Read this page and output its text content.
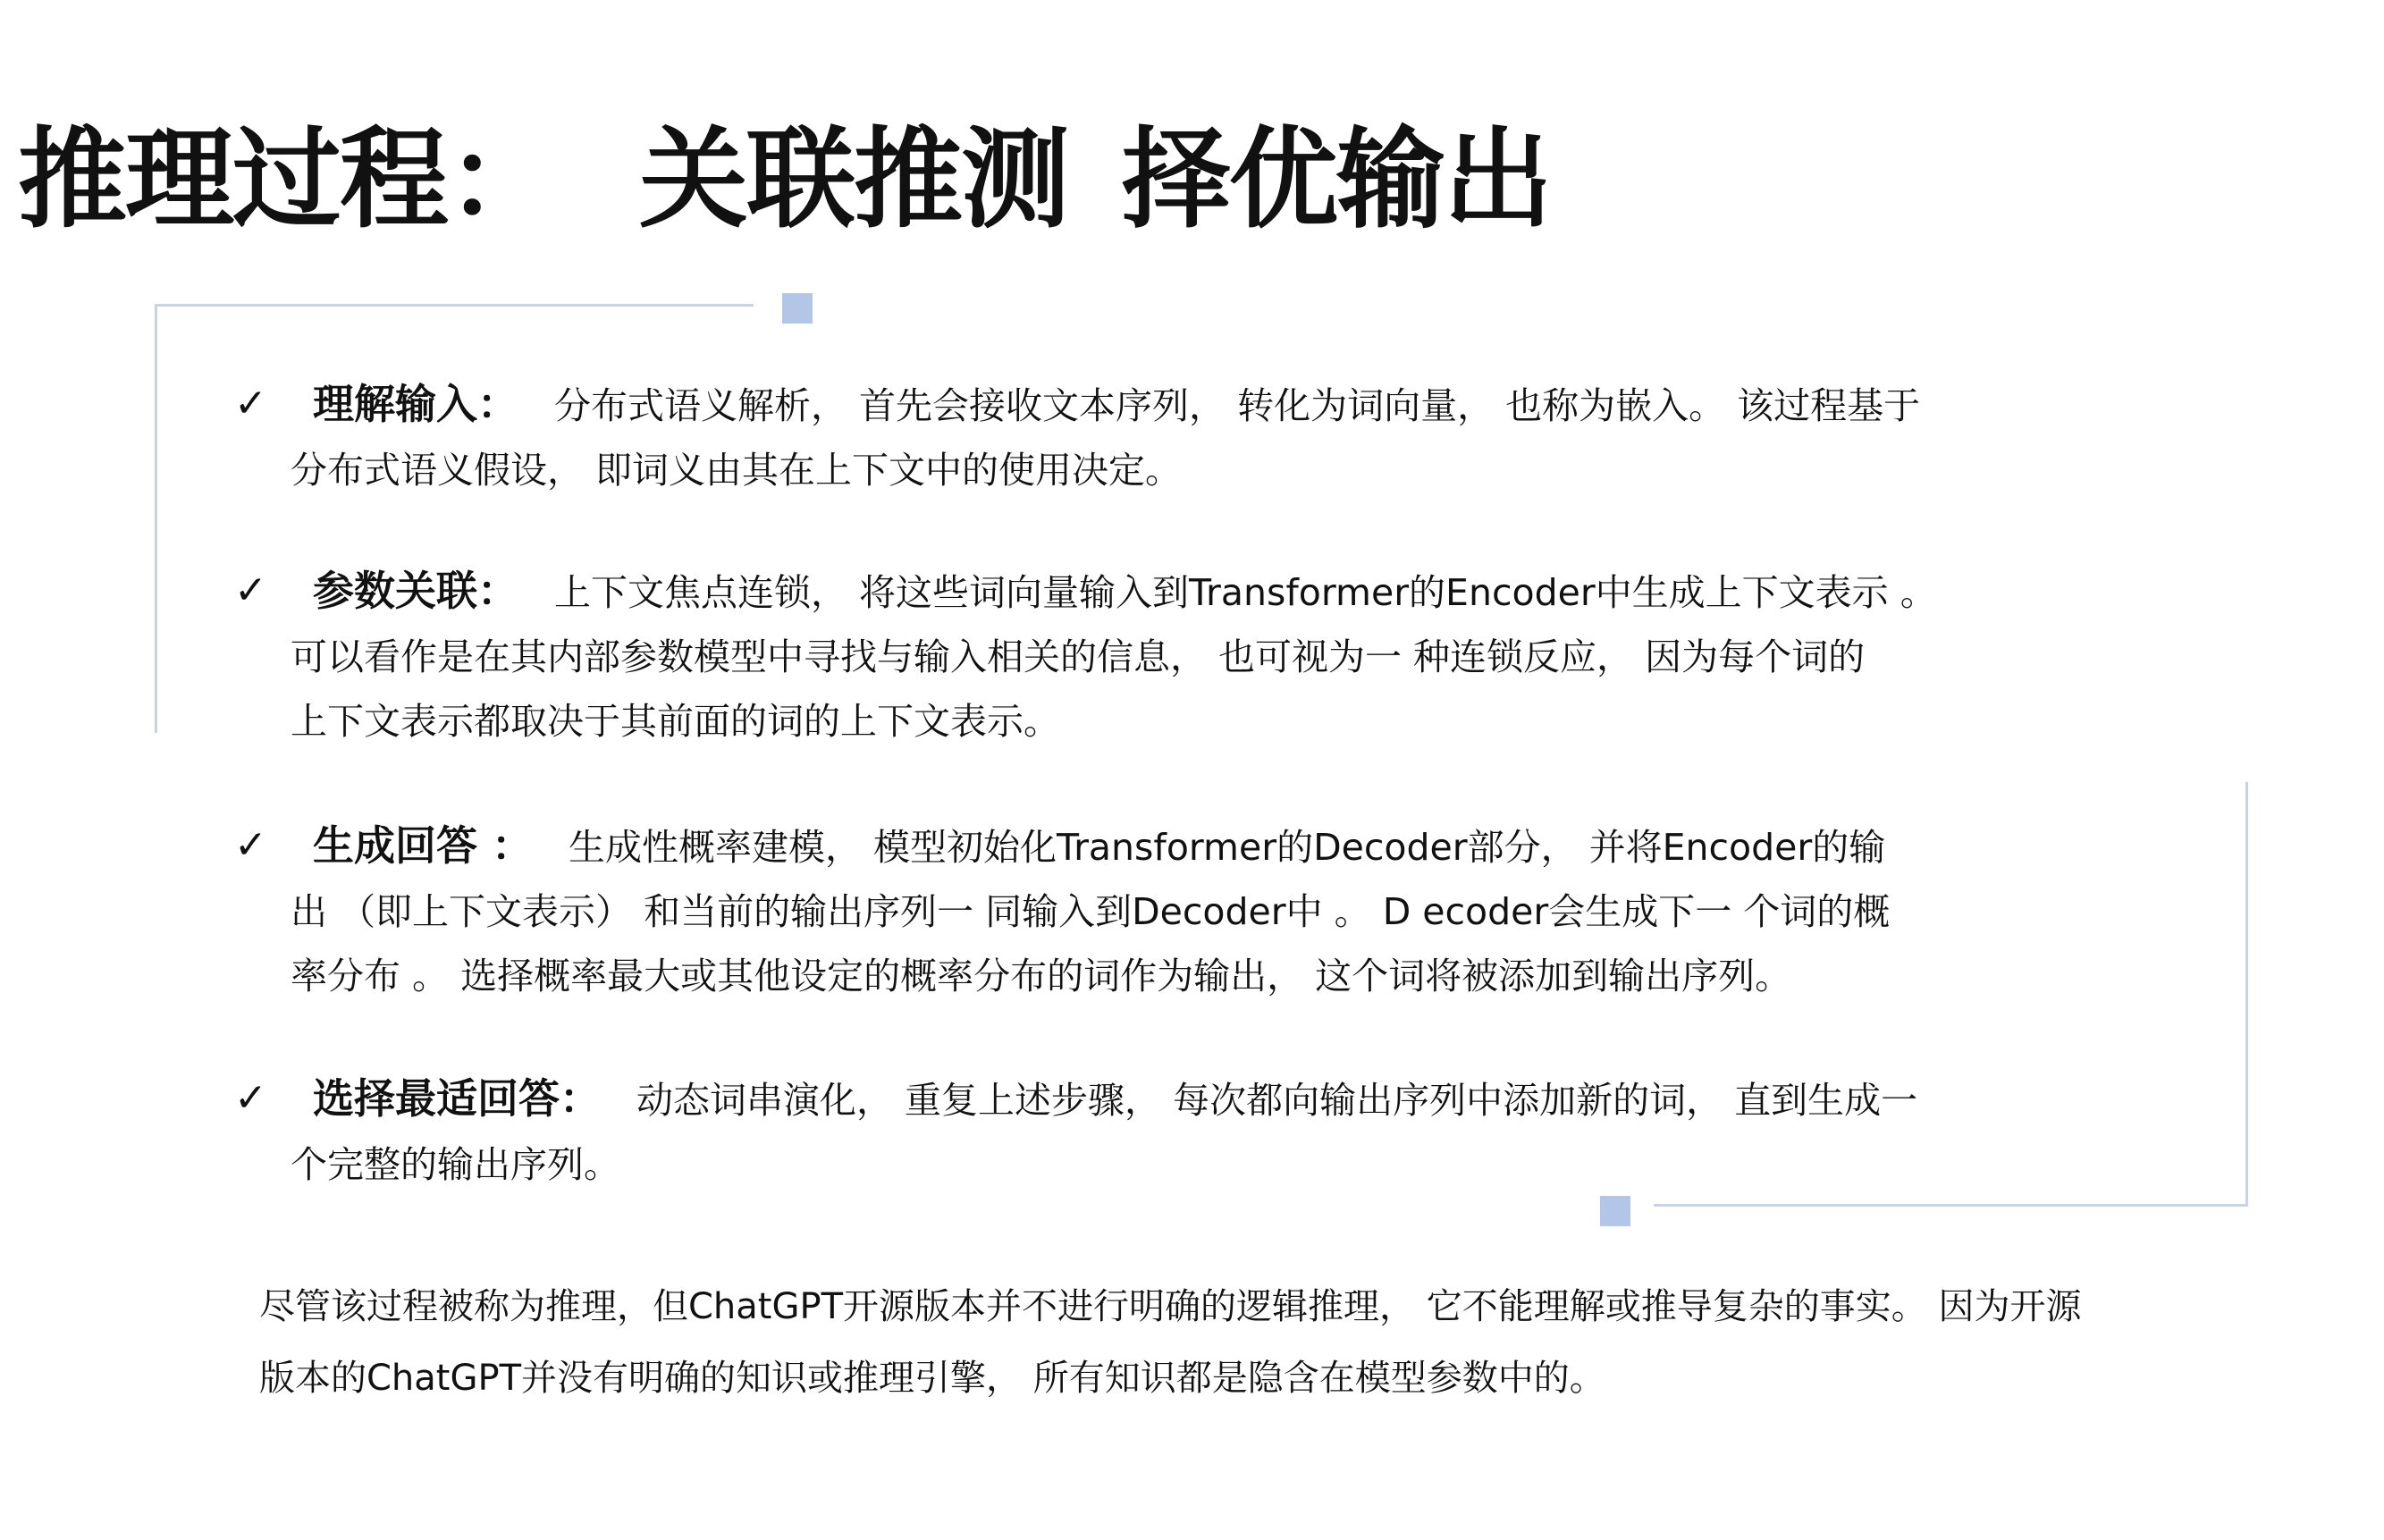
推理过程： 关联推测 择优输出
✓ 理解输入： 分布式语义解析， 首先会接收文本序列， 转化为词向量， 也称为嵌入。 该过程基于
分布式语义假设， 即词义由其在上下文中的使用决定。
✓ 参数关联： 上下文焦点连锁， 将这些词向量输入到Transformer的Encoder中生成上下文表示 。
可以看作是在其内部参数模型中寻找与输入相关的信息， 也可视为一 种连锁反应， 因为每个词的
上下文表示都取决于其前面的词的上下文表示。
✓ 生成回答 ： 生成性概率建模， 模型初始化Transformer的Decoder部分， 并将Encoder的输
出 （即上下文表示） 和当前的输出序列一 同输入到Decoder中 。 D ecoder会生成下一 个词的概
率分布 。 选择概率最大或其他设定的概率分布的词作为输出， 这个词将被添加到输出序列。
✓ 选择最适回答： 动态词串演化， 重复上述步骤， 每次都向输出序列中添加新的词， 直到生成一
个完整的输出序列。
尽管该过程被称为推理，但ChatGPT开源版本并不进行明确的逻辑推理， 它不能理解或推导复杂的事实。 因为开源
版本的ChatGPT并没有明确的知识或推理引擎， 所有知识都是隐含在模型参数中的。
